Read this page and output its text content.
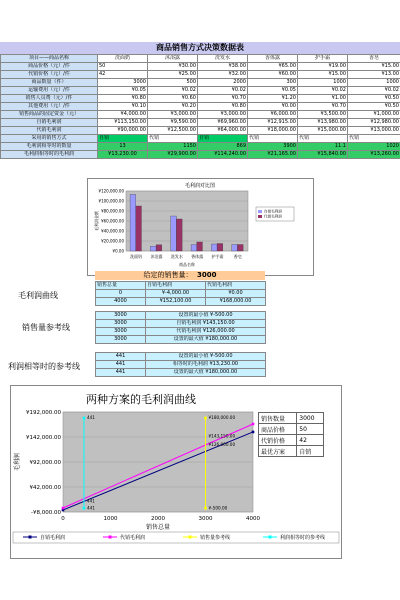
商品销售方式决策数据表
项目——商品名称	洗面奶	沐浴露	洗发水	香体露	护手霜	香皂
商品价格（元）/件	50	¥30.00	¥38.00	¥65.00	¥19.00	¥15.00
代销价格（元）/件	42	¥25.00	¥32.00	¥60.00	¥15.00	¥13.00
商品数量（件）	3000	500	2000	300	1000	1000
运输费用（元）/件	¥0.05	¥0.02	¥0.02	¥0.05	¥0.02	¥0.02
销售人员费（元）/件	¥0.80	¥0.60	¥0.70	¥1.20	¥1.00	¥0.50
其他费用（元）/件	¥0.10	¥0.20	¥0.80	¥0.00	¥0.70	¥0.50
销售商品的固定资金（元）	¥4,000.00	¥3,000.00	¥3,000.00	¥6,000.00	¥3,500.00	¥1,000.00
自销毛利润	¥113,150.00	¥9,590.00	¥69,960.00	¥12,915.00	¥13,980.00	¥12,980.00
代销毛利润	¥90,000.00	¥12,500.00	¥64,000.00	¥18,000.00	¥15,000.00	¥13,000.00
采用的销售方式	自销	代销	自销	代销	代销	代销
毛利润相等时的数量	13	1150	869	3900	11.1	1020
毛利润相等时的毛利润	¥13,230.00	¥29,900.00	¥114,240.00	¥21,165.00	¥15,840.00	¥13,260.00
毛利润对比图
¥120,000.00
¥100,000.00
¥80,000.00
¥60,000.00
¥40,000.00
¥20,000.00
¥0.00
洗面奶 沐浴露 洗发水 香体露 护手霜	香皂
商品名称
毛利润金额	自销毛利润
代销毛利润
给定的销售量： 3000
毛利润曲线
销售总量	自销毛利润	代销毛利润
0	¥-4,000.00	¥0.00
4000	¥152,100.00	¥168,000.00
销售量参考线
3000	设置的最小值 ¥-500.00
3000	自销毛利润 ¥143,150.00
3000	代销毛利润 ¥126,000.00
3000	设置的最大值 ¥180,000.00
利润相等时的参考线
441	设置的最小值 ¥-500.00
441	相等时的毛利润 ¥13,230.00
441	设置的最大值 ¥180,000.00
两种方案的毛利润曲线
¥192,000.00
¥142,000.00
¥92,000.00
¥42,000.00
-¥8,000.00
0	1000	2000	3000	4000
销售总量
毛利润
441	¥180,000.00
¥143,150.00
¥126,000.00
441
441	¥-500.00
自销毛利润	代销毛利润	销售量参考线	利润相等时的参考线
销售数量	3000
商品价格	50
代销价格	42
最优方案	自销
